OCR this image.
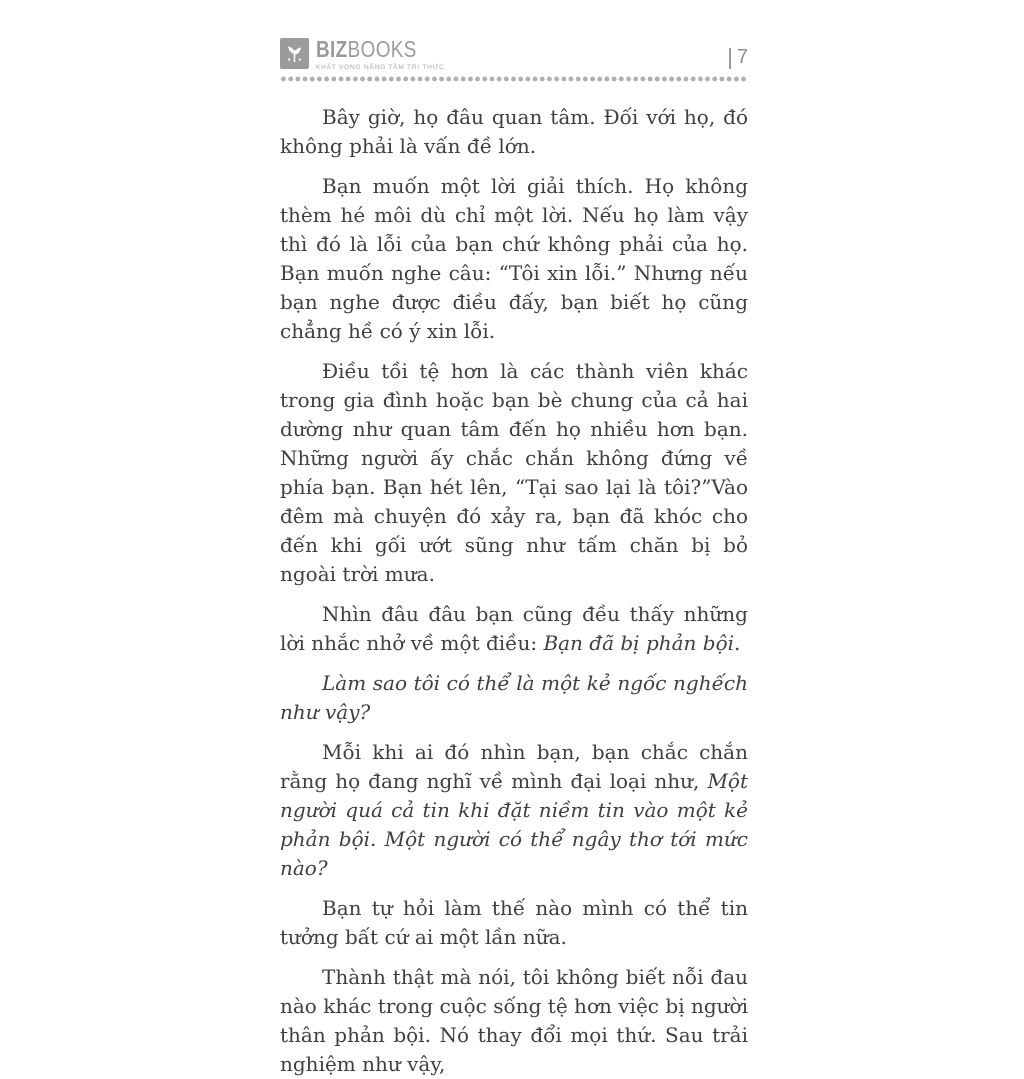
BIZBOOKS
KHÁT VỌNG NÂNG TẦM TRI THỨC	7

Bây giờ, họ đâu quan tâm. Đối với họ, đó không phải là vấn đề lớn.

Bạn muốn một lời giải thích. Họ không thèm hé môi dù chỉ một lời. Nếu họ làm vậy thì đó là lỗi của bạn chứ không phải của họ. Bạn muốn nghe câu: “Tôi xin lỗi.” Nhưng nếu bạn nghe được điều đấy, bạn biết họ cũng chẳng hề có ý xin lỗi.

Điều tồi tệ hơn là các thành viên khác trong gia đình hoặc bạn bè chung của cả hai dường như quan tâm đến họ nhiều hơn bạn. Những người ấy chắc chắn không đứng về phía bạn. Bạn hét lên, “Tại sao lại là tôi?”Vào đêm mà chuyện đó xảy ra, bạn đã khóc cho đến khi gối ướt sũng như tấm chăn bị bỏ ngoài trời mưa.

Nhìn đâu đâu bạn cũng đều thấy những lời nhắc nhở về một điều: Bạn đã bị phản bội.

Làm sao tôi có thể là một kẻ ngốc nghếch như vậy?

Mỗi khi ai đó nhìn bạn, bạn chắc chắn rằng họ đang nghĩ về mình đại loại như, Một người quá cả tin khi đặt niềm tin vào một kẻ phản bội. Một người có thể ngây thơ tới mức nào?

Bạn tự hỏi làm thế nào mình có thể tin tưởng bất cứ ai một lần nữa.

Thành thật mà nói, tôi không biết nỗi đau nào khác trong cuộc sống tệ hơn việc bị người thân phản bội. Nó thay đổi mọi thứ. Sau trải nghiệm như vậy,
